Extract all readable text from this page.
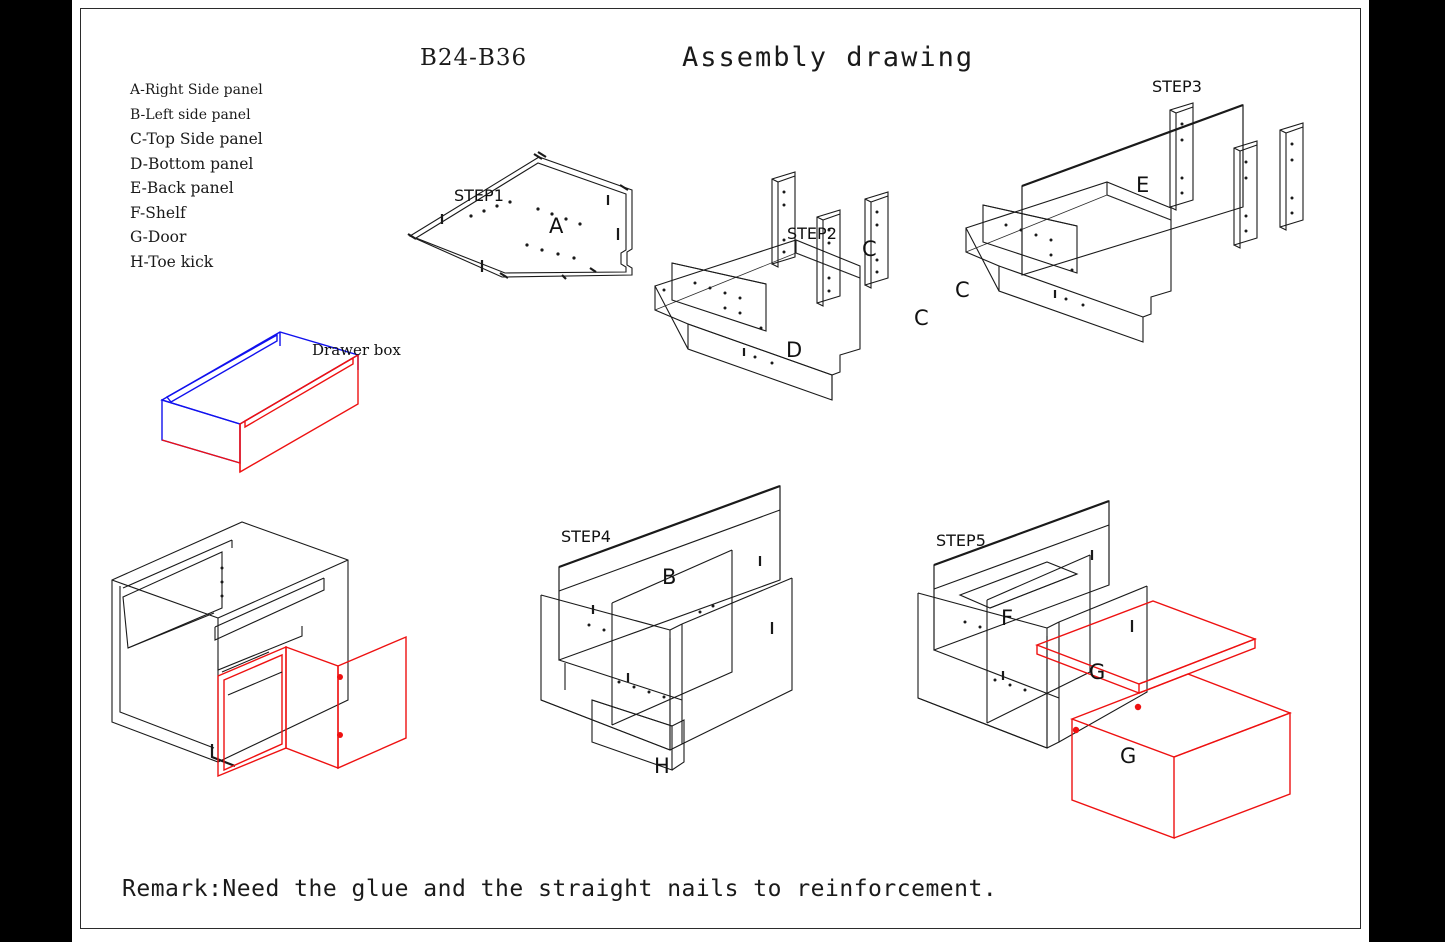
B24-B36	Assembly drawing
A-Right Side panel
B-Left side panel
C-Top Side panel
D-Bottom panel
E-Back panel
F-Shelf
G-Door
H-Toe kick
STEP1
A	STEP2
C
C
C
D
STEP3
E
STEP4
B
H
STEP5
F
G
G
Drawer box
Remark:Need the glue and the straight nails to reinforcement.
